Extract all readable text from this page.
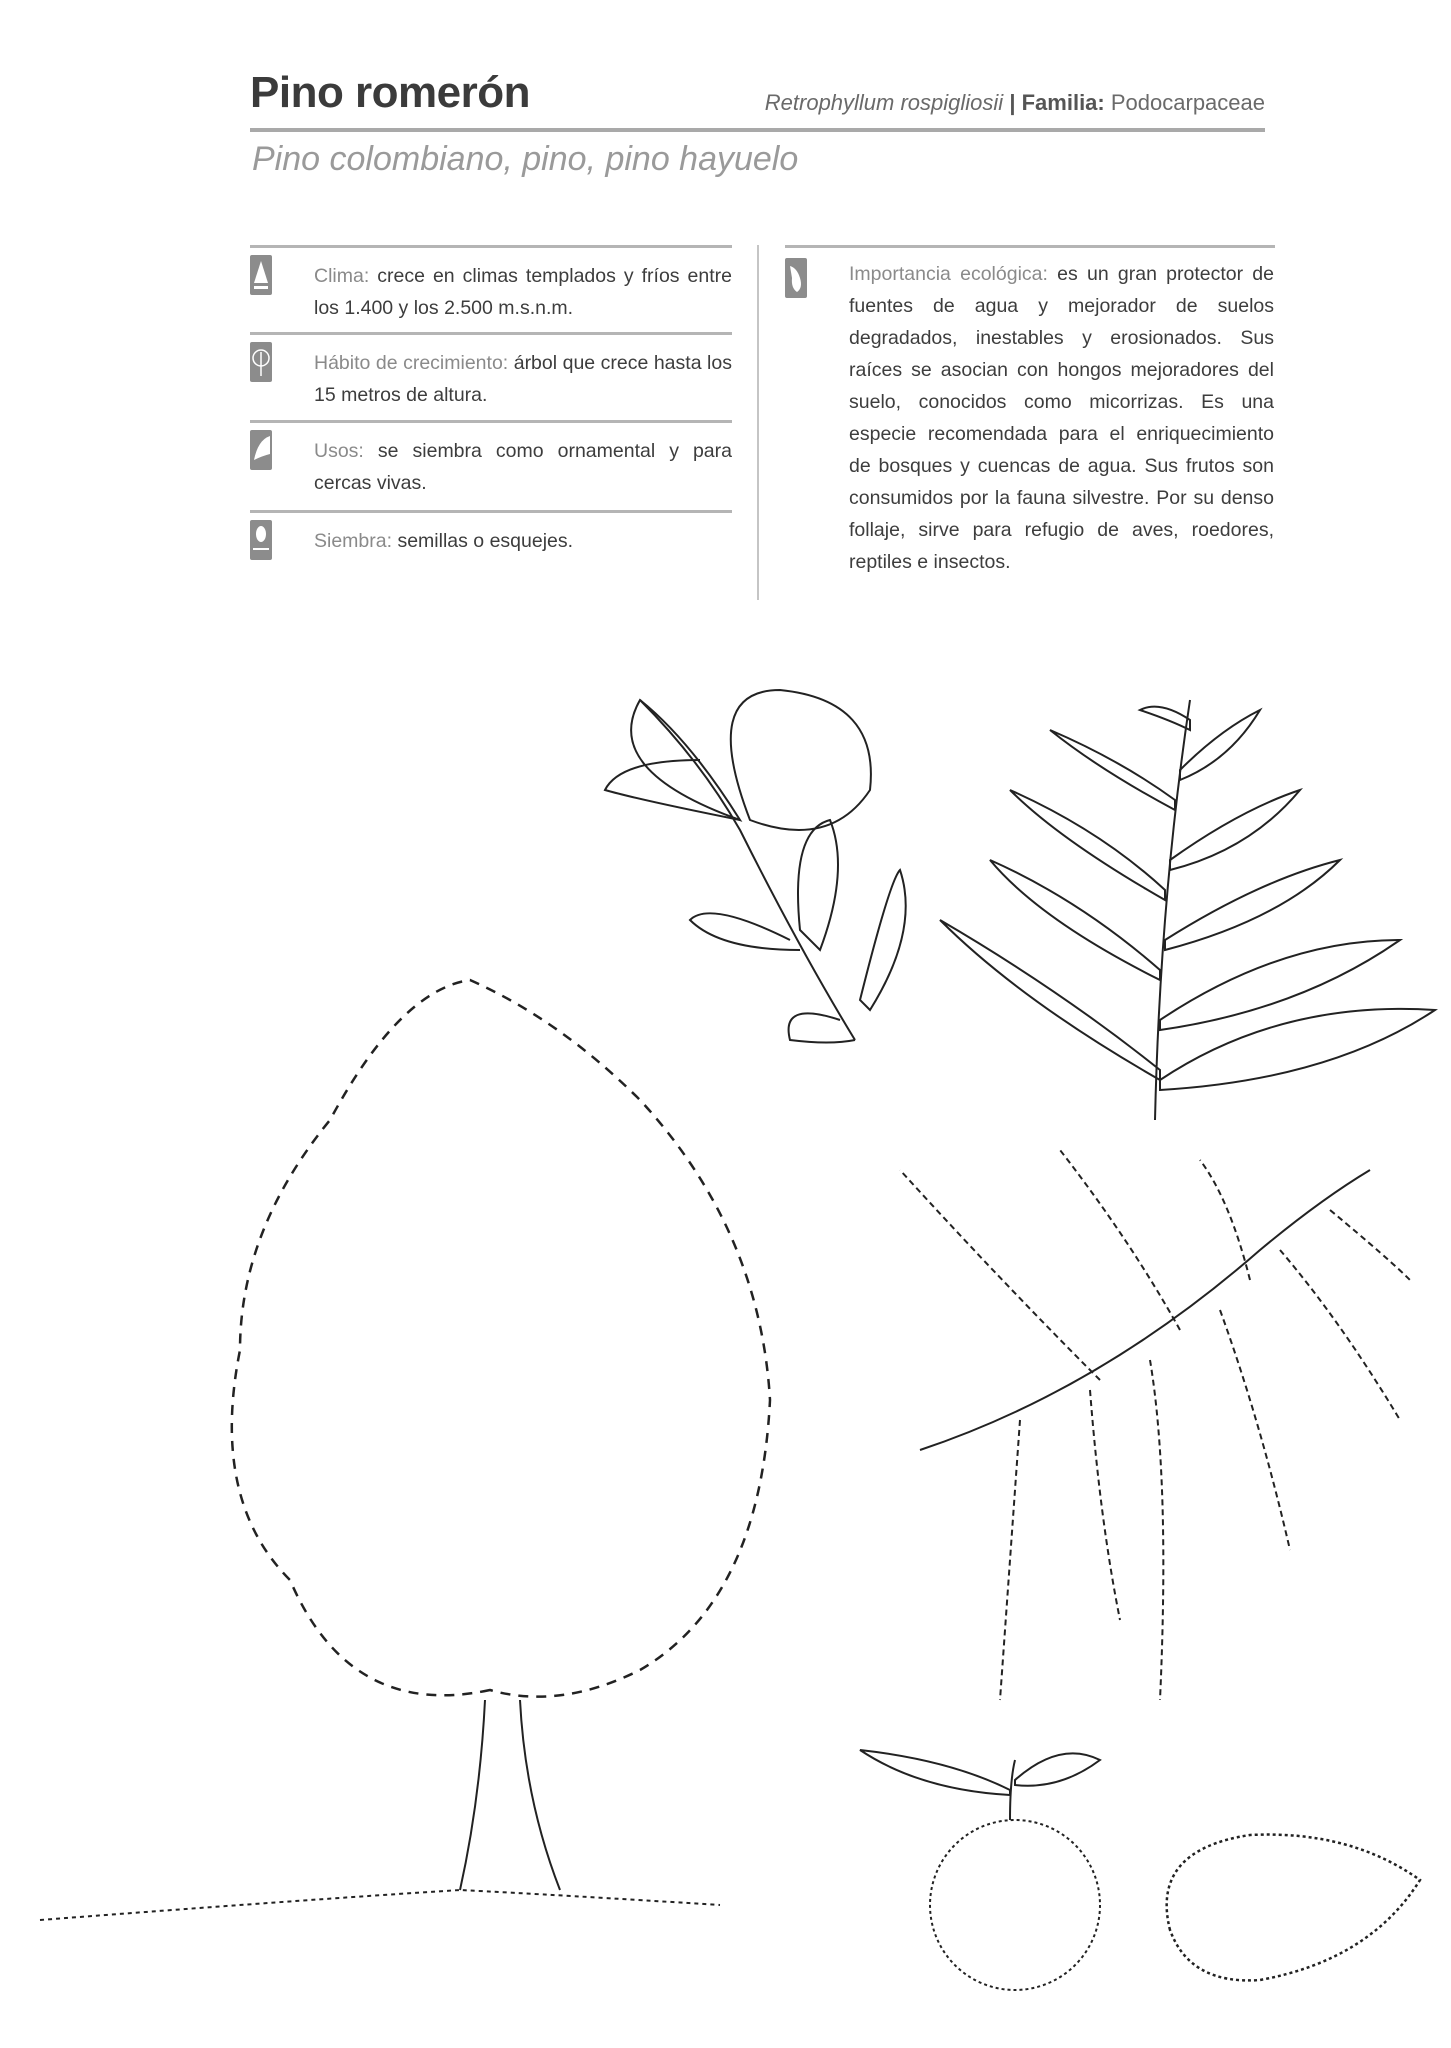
Pino romerón	Retrophyllum rospigliosii | Familia: Podocarpaceae
Pino colombiano, pino, pino hayuelo
Clima: crece en climas templados y fríos entre los 1.400 y los 2.500 m.s.n.m.
Hábito de crecimiento: árbol que crece hasta los 15 metros de altura.
Usos: se siembra como ornamental y para cercas vivas.
Siembra: semillas o esquejes.
Importancia ecológica: es un gran protector de fuentes de agua y mejorador de suelos degradados, inestables y erosionados. Sus raíces se asocian con hongos mejoradores del suelo, conocidos como micorrizas. Es una especie recomendada para el enriquecimiento de bosques y cuencas de agua. Sus frutos son consumidos por la fauna silvestre. Por su denso follaje, sirve para refugio de aves, roedores, reptiles e insectos.
